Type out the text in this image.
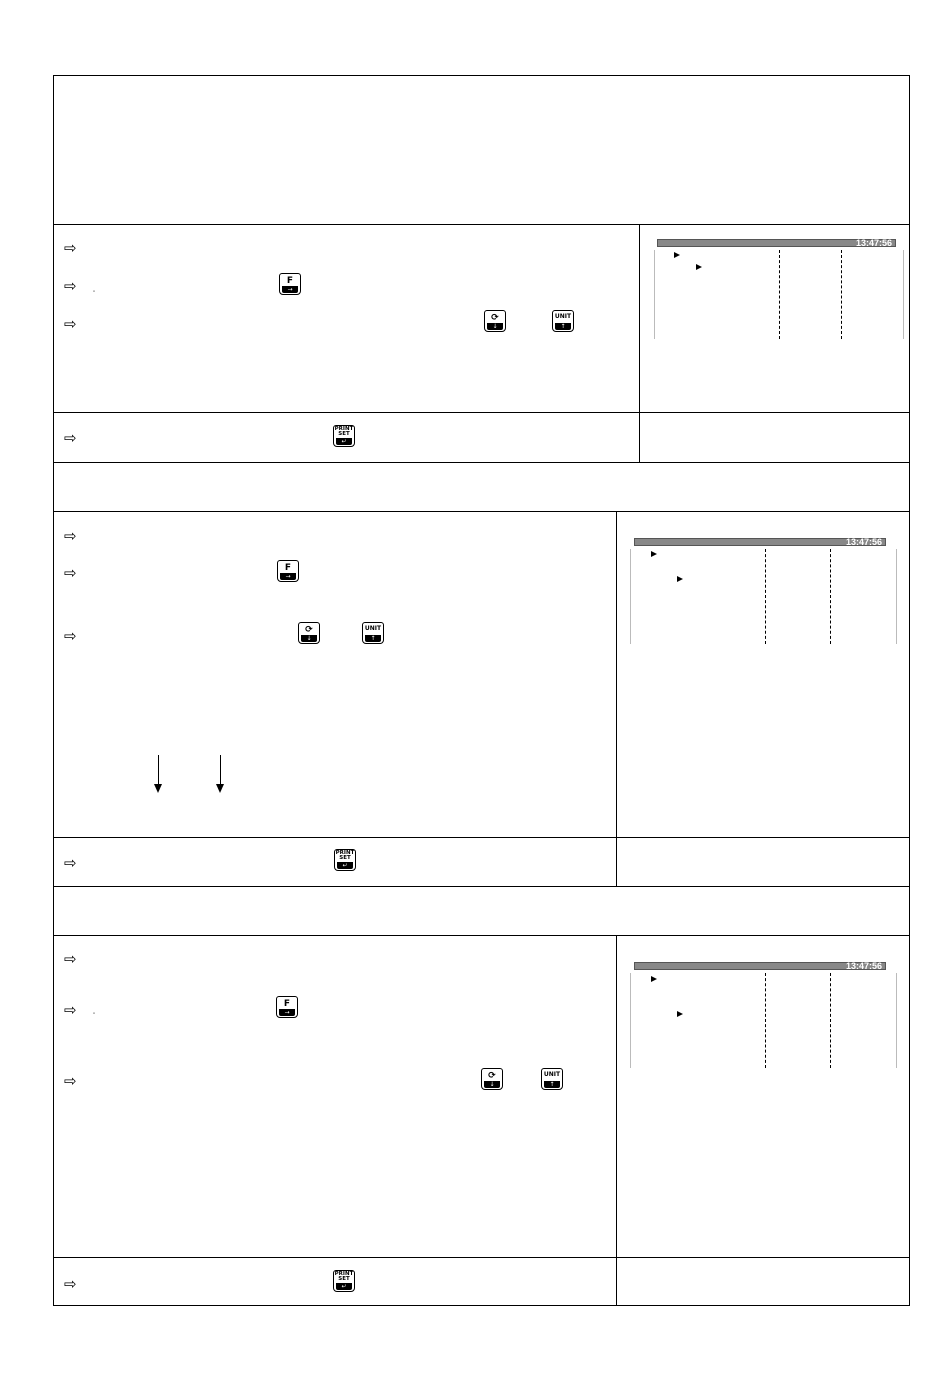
⇨
⇨	"
F
→
⇨	⟳
↓
UNIT
↑
13:47:56
⇨	PRINT SET
↵
⇨
⇨	F
→
⇨	⟳
↓
UNIT
↑
13:47:56
⇨
PRINT SET
↵
⇨
⇨	"
F
→
⇨	⟳
↓
UNIT
↑
13:47:56
⇨
PRINT SET
↵
